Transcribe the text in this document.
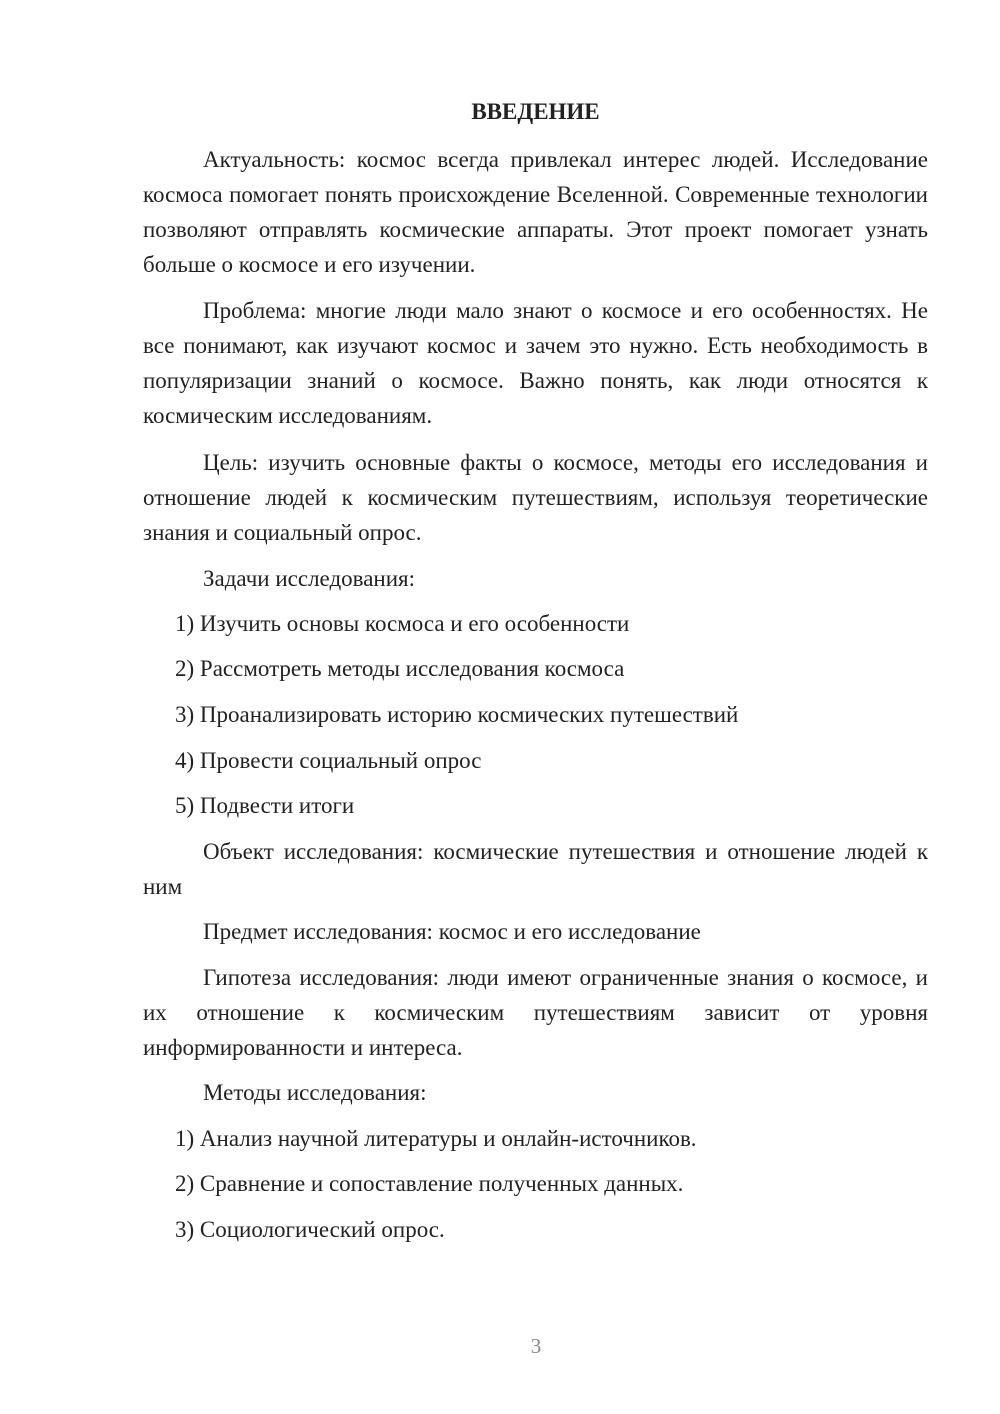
ВВЕДЕНИЕ

Актуальность: космос всегда привлекал интерес людей. Исследование космоса помогает понять происхождение Вселенной. Современные технологии позволяют отправлять космические аппараты. Этот проект помогает узнать больше о космосе и его изучении.

Проблема: многие люди мало знают о космосе и его особенностях. Не все понимают, как изучают космос и зачем это нужно. Есть необходимость в популяризации знаний о космосе. Важно понять, как люди относятся к космическим исследованиям.

Цель: изучить основные факты о космосе, методы его исследования и отношение людей к космическим путешествиям, используя теоретические знания и социальный опрос.

Задачи исследования:

1) Изучить основы космоса и его особенности

2) Рассмотреть методы исследования космоса

3) Проанализировать историю космических путешествий

4) Провести социальный опрос

5) Подвести итоги

Объект исследования: космические путешествия и отношение людей к ним

Предмет исследования: космос и его исследование

Гипотеза исследования: люди имеют ограниченные знания о космосе, и их отношение к космическим путешествиям зависит от уровня информированности и интереса.

Методы исследования:

1) Анализ научной литературы и онлайн-источников.

2) Сравнение и сопоставление полученных данных.

3) Социологический опрос.

3
